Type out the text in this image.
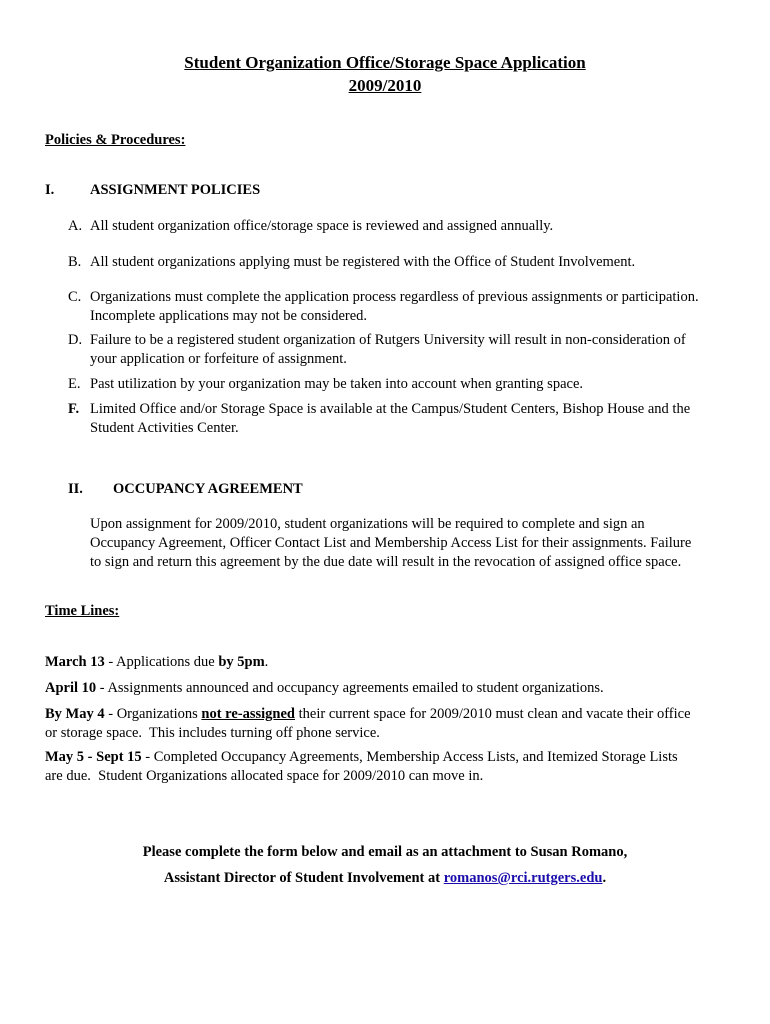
Student Organization Office/Storage Space Application
2009/2010
Policies & Procedures:
I. ASSIGNMENT POLICIES
A. All student organization office/storage space is reviewed and assigned annually.
B. All student organizations applying must be registered with the Office of Student Involvement.
C. Organizations must complete the application process regardless of previous assignments or participation.
Incomplete applications may not be considered.
D. Failure to be a registered student organization of Rutgers University will result in non-consideration of
your application or forfeiture of assignment.
E. Past utilization by your organization may be taken into account when granting space.
F. Limited Office and/or Storage Space is available at the Campus/Student Centers, Bishop House and the
Student Activities Center.
II. OCCUPANCY AGREEMENT
Upon assignment for 2009/2010, student organizations will be required to complete and sign an
Occupancy Agreement, Officer Contact List and Membership Access List for their assignments. Failure
to sign and return this agreement by the due date will result in the revocation of assigned office space.
Time Lines:
March 13 - Applications due by 5pm.
April 10 - Assignments announced and occupancy agreements emailed to student organizations.
By May 4 - Organizations not re-assigned their current space for 2009/2010 must clean and vacate their office
or storage space.  This includes turning off phone service.
May 5 - Sept 15 - Completed Occupancy Agreements, Membership Access Lists, and Itemized Storage Lists
are due.  Student Organizations allocated space for 2009/2010 can move in.
Please complete the form below and email as an attachment to Susan Romano,
Assistant Director of Student Involvement at romanos@rci.rutgers.edu.
